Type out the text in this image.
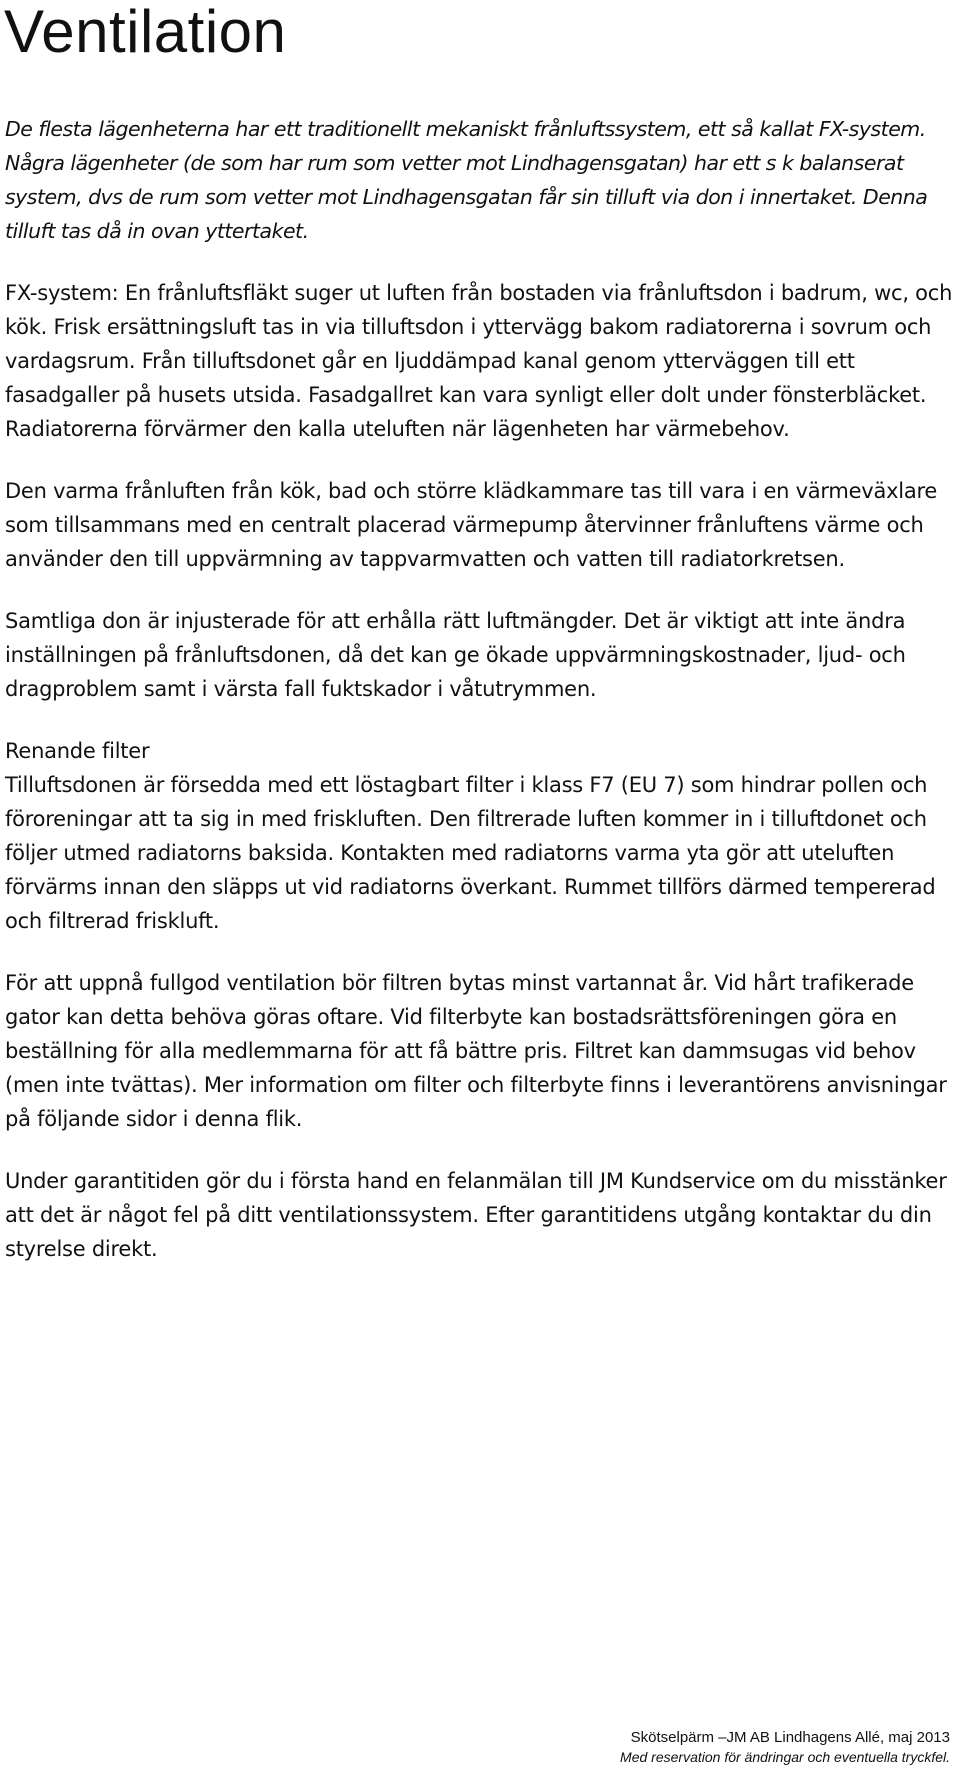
Ventilation

De flesta lägenheterna har ett traditionellt mekaniskt frånluftssystem, ett så kallat FX-system. Några lägenheter (de som har rum som vetter mot Lindhagensgatan) har ett s k balanserat system, dvs de rum som vetter mot Lindhagensgatan får sin tilluft via don i innertaket. Denna tilluft tas då in ovan yttertaket.

FX-system: En frånluftsfläkt suger ut luften från bostaden via frånluftsdon i badrum, wc, och kök. Frisk ersättningsluft tas in via tilluftsdon i yttervägg bakom radiatorerna i sovrum och vardagsrum. Från tilluftsdonet går en ljuddämpad kanal genom ytterväggen till ett fasadgaller på husets utsida. Fasadgallret kan vara synligt eller dolt under fönsterbläcket. Radiatorerna förvärmer den kalla uteluften när lägenheten har värmebehov.

Den varma frånluften från kök, bad och större klädkammare tas till vara i en värmeväxlare som tillsammans med en centralt placerad värmepump återvinner frånluftens värme och använder den till uppvärmning av tappvarmvatten och vatten till radiatorkretsen.

Samtliga don är injusterade för att erhålla rätt luftmängder. Det är viktigt att inte ändra inställningen på frånluftsdonen, då det kan ge ökade uppvärmningskostnader, ljud- och dragproblem samt i värsta fall fuktskador i våtutrymmen.

Renande filter

Tilluftsdonen är försedda med ett löstagbart filter i klass F7 (EU 7) som hindrar pollen och föroreningar att ta sig in med friskluften. Den filtrerade luften kommer in i tilluftdonet och följer utmed radiatorns baksida. Kontakten med radiatorns varma yta gör att uteluften förvärms innan den släpps ut vid radiatorns överkant. Rummet tillförs därmed tempererad och filtrerad friskluft.

För att uppnå fullgod ventilation bör filtren bytas minst vartannat år. Vid hårt trafikerade gator kan detta behöva göras oftare. Vid filterbyte kan bostadsrättsföreningen göra en beställning för alla medlemmarna för att få bättre pris. Filtret kan dammsugas vid behov (men inte tvättas). Mer information om filter och filterbyte finns i leverantörens anvisningar på följande sidor i denna flik.

Under garantitiden gör du i första hand en felanmälan till JM Kundservice om du misstänker att det är något fel på ditt ventilationssystem. Efter garantitidens utgång kontaktar du din styrelse direkt.

Skötselpärm –JM AB Lindhagens Allé, maj 2013
Med reservation för ändringar och eventuella tryckfel.
